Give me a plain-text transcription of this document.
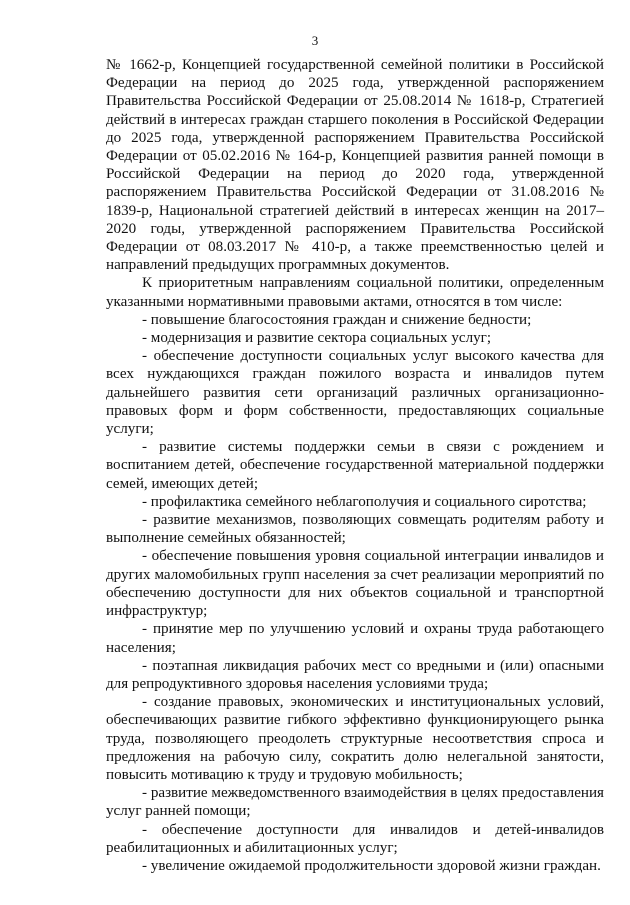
3

№ 1662-р, Концепцией государственной семейной политики в Российской Федерации на период до 2025 года, утвержденной распоряжением Правительства Российской Федерации от 25.08.2014 № 1618-р, Стратегией действий в интересах граждан старшего поколения в Российской Федерации до 2025 года, утвержденной распоряжением Правительства Российской Федерации от 05.02.2016 № 164-р, Концепцией развития ранней помощи в Российской Федерации на период до 2020 года, утвержденной распоряжением Правительства Российской Федерации от 31.08.2016 № 1839-р, Национальной стратегией действий в интересах женщин на 2017–2020 годы, утвержденной распоряжением Правительства Российской Федерации от 08.03.2017 № 410-р, а также преемственностью целей и направлений предыдущих программных документов.

К приоритетным направлениям социальной политики, определенным указанными нормативными правовыми актами, относятся в том числе:

- повышение благосостояния граждан и снижение бедности;

- модернизация и развитие сектора социальных услуг;

- обеспечение доступности социальных услуг высокого качества для всех нуждающихся граждан пожилого возраста и инвалидов путем дальнейшего развития сети организаций различных организационно-правовых форм и форм собственности, предоставляющих социальные услуги;

- развитие системы поддержки семьи в связи с рождением и воспитанием детей, обеспечение государственной материальной поддержки семей, имеющих детей;

- профилактика семейного неблагополучия и социального сиротства;

- развитие механизмов, позволяющих совмещать родителям работу и выполнение семейных обязанностей;

- обеспечение повышения уровня социальной интеграции инвалидов и других маломобильных групп населения за счет реализации мероприятий по обеспечению доступности для них объектов социальной и транспортной инфраструктур;

- принятие мер по улучшению условий и охраны труда работающего населения;

- поэтапная ликвидация рабочих мест со вредными и (или) опасными для репродуктивного здоровья населения условиями труда;

- создание правовых, экономических и институциональных условий, обеспечивающих развитие гибкого эффективно функционирующего рынка труда, позволяющего преодолеть структурные несоответствия спроса и предложения на рабочую силу, сократить долю нелегальной занятости, повысить мотивацию к труду и трудовую мобильность;

- развитие межведомственного взаимодействия в целях предоставления услуг ранней помощи;

- обеспечение доступности для инвалидов и детей-инвалидов реабилитационных и абилитационных услуг;

- увеличение ожидаемой продолжительности здоровой жизни граждан.
